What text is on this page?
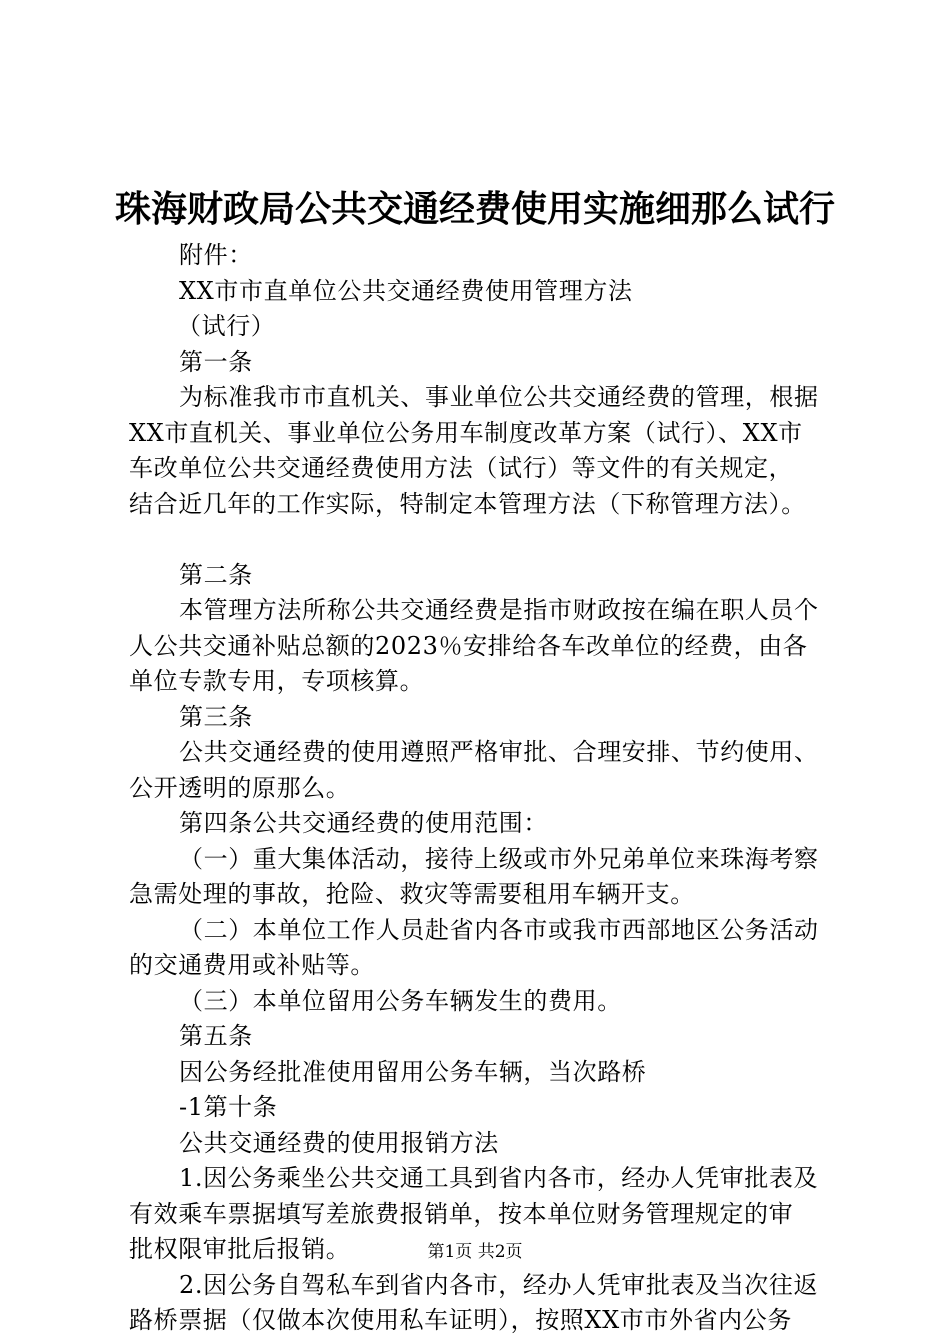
珠海财政局公共交通经费使用实施细那么试行
附件：
XX市市直单位公共交通经费使用管理方法
（试行）
第一条
为标准我市市直机关、事业单位公共交通经费的管理，根据
XX市直机关、事业单位公务用车制度改革方案（试行）、XX市
车改单位公共交通经费使用方法（试行）等文件的有关规定，
结合近几年的工作实际，特制定本管理方法（下称管理方法）。
第二条
本管理方法所称公共交通经费是指市财政按在编在职人员个
人公共交通补贴总额的2023％安排给各车改单位的经费，由各
单位专款专用，专项核算。
第三条
公共交通经费的使用遵照严格审批、合理安排、节约使用、
公开透明的原那么。
第四条公共交通经费的使用范围：
（一）重大集体活动，接待上级或市外兄弟单位来珠海考察
急需处理的事故，抢险、救灾等需要租用车辆开支。
（二）本单位工作人员赴省内各市或我市西部地区公务活动
的交通费用或补贴等。
（三）本单位留用公务车辆发生的费用。
第五条
因公务经批准使用留用公务车辆，当次路桥
-1第十条
公共交通经费的使用报销方法
1.因公务乘坐公共交通工具到省内各市，经办人凭审批表及
有效乘车票据填写差旅费报销单，按本单位财务管理规定的审
批权限审批后报销。
2.因公务自驾私车到省内各市，经办人凭审批表及当次往返
路桥票据（仅做本次使用私车证明），按照XX市市外省内公务
第1页 共2页
